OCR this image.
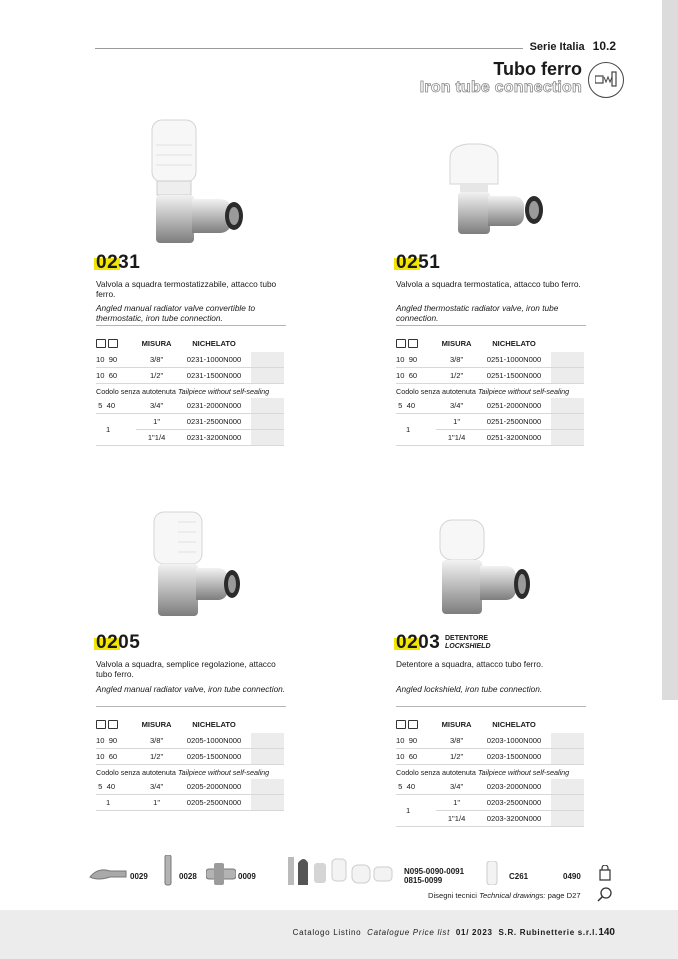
Serie Italia 10.2
Tubo ferro
Iron tube connection
0231
Valvola a squadra termostatizzabile, attacco tubo ferro.
Angled manual radiator valve convertible to thermostatic, iron tube connection.
	MISURA	NICHELATO	
10 90	3/8"	0231-1000N000	
10 60	1/2"	0231-1500N000	
Codolo senza autotenuta Tailpiece without self-sealing			
5 40	3/4"	0231-2000N000	
1	1"	0231-2500N000	
	1"1/4	0231-3200N000	
0251
Valvola a squadra termostatica, attacco tubo ferro.
Angled thermostatic radiator valve, iron tube connection.
	MISURA	NICHELATO	
10 90	3/8"	0251-1000N000	
10 60	1/2"	0251-1500N000	
Codolo senza autotenuta Tailpiece without self-sealing			
5 40	3/4"	0251-2000N000	
1	1"	0251-2500N000	
	1"1/4	0251-3200N000	
0205
Valvola a squadra, semplice regolazione, attacco tubo ferro.
Angled manual radiator valve, iron tube connection.
	MISURA	NICHELATO	
10 90	3/8"	0205-1000N000	
10 60	1/2"	0205-1500N000	
Codolo senza autotenuta Tailpiece without self-sealing			
5 40	3/4"	0205-2000N000	
1	1"	0205-2500N000	
0203 DETENTORE
LOCKSHIELD
Detentore a squadra, attacco tubo ferro.
Angled lockshield, iron tube connection.
	MISURA	NICHELATO	
10 90	3/8"	0203-1000N000	
10 60	1/2"	0203-1500N000	
Codolo senza autotenuta Tailpiece without self-sealing			
5 40	3/4"	0203-2000N000	
1	1"	0203-2500N000	
	1"1/4	0203-3200N000	
0029	0028	0009
N095-0090-0091
0815-0099	C261	0490
Disegni tecnici Technical drawings: page D27
Catalogo Listino Catalogue Price list 01/ 2023 S.R. Rubinetterie s.r.l. 140
